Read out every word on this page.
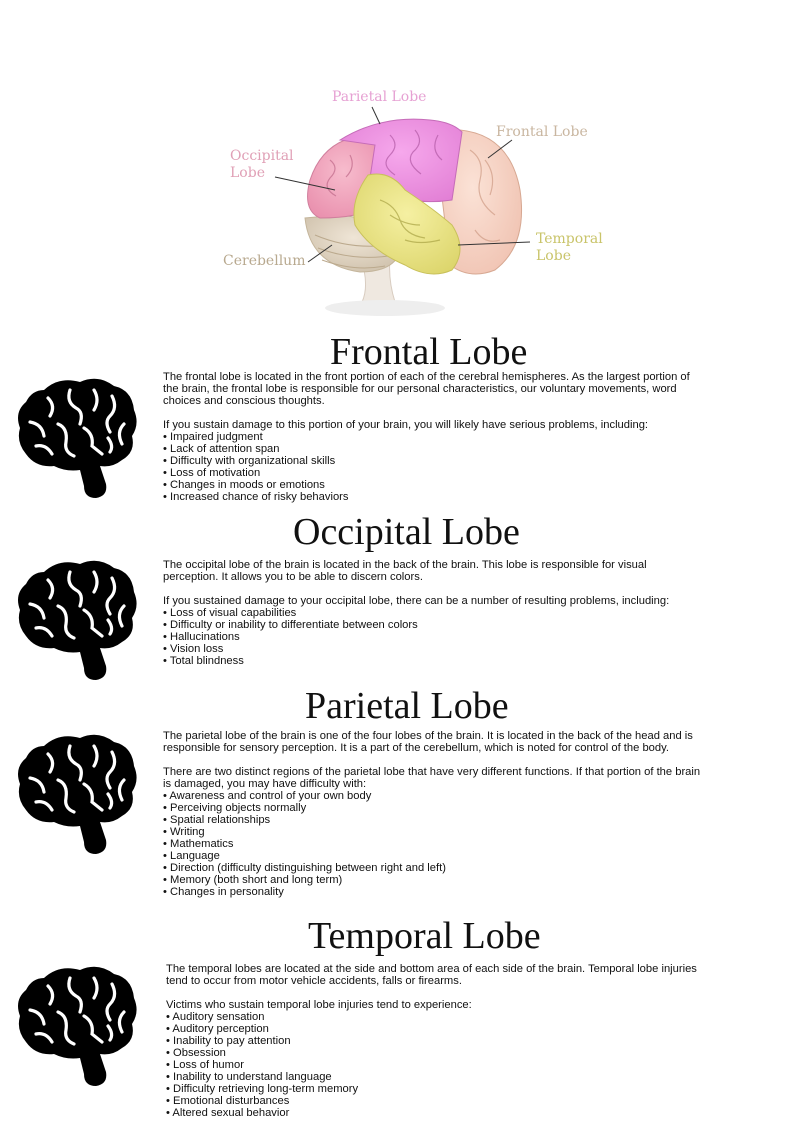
Parietal Lobe
Frontal Lobe
Occipital
Lobe
Temporal
Lobe
Cerebellum
Frontal Lobe

The frontal lobe is located in the front portion of each of the cerebral hemispheres. As the largest portion of the brain, the frontal lobe is responsible for our personal characteristics, our voluntary movements, word choices and conscious thoughts.

If you sustain damage to this portion of your brain, you will likely have serious problems, including:

• Impaired judgment
• Lack of attention span
• Difficulty with organizational skills
• Loss of motivation
• Changes in moods or emotions
• Increased chance of risky behaviors
Occipital Lobe

The occipital lobe of the brain is located in the back of the brain. This lobe is responsible for visual perception. It allows you to be able to discern colors.

If you sustained damage to your occipital lobe, there can be a number of resulting problems, including:

• Loss of visual capabilities
• Difficulty or inability to differentiate between colors
• Hallucinations
• Vision loss
• Total blindness
Parietal Lobe

The parietal lobe of the brain is one of the four lobes of the brain. It is located in the back of the head and is responsible for sensory perception. It is a part of the cerebellum, which is noted for control of the body.

There are two distinct regions of the parietal lobe that have very different functions. If that portion of the brain is damaged, you may have difficulty with:

• Awareness and control of your own body
• Perceiving objects normally
• Spatial relationships
• Writing
• Mathematics
• Language
• Direction (difficulty distinguishing between right and left)
• Memory (both short and long term)
• Changes in personality
Temporal Lobe

The temporal lobes are located at the side and bottom area of each side of the brain. Temporal lobe injuries tend to occur from motor vehicle accidents, falls or firearms.

Victims who sustain temporal lobe injuries tend to experience:

• Auditory sensation
• Auditory perception
• Inability to pay attention
• Obsession
• Loss of humor
• Inability to understand language
• Difficulty retrieving long-term memory
• Emotional disturbances
• Altered sexual behavior
